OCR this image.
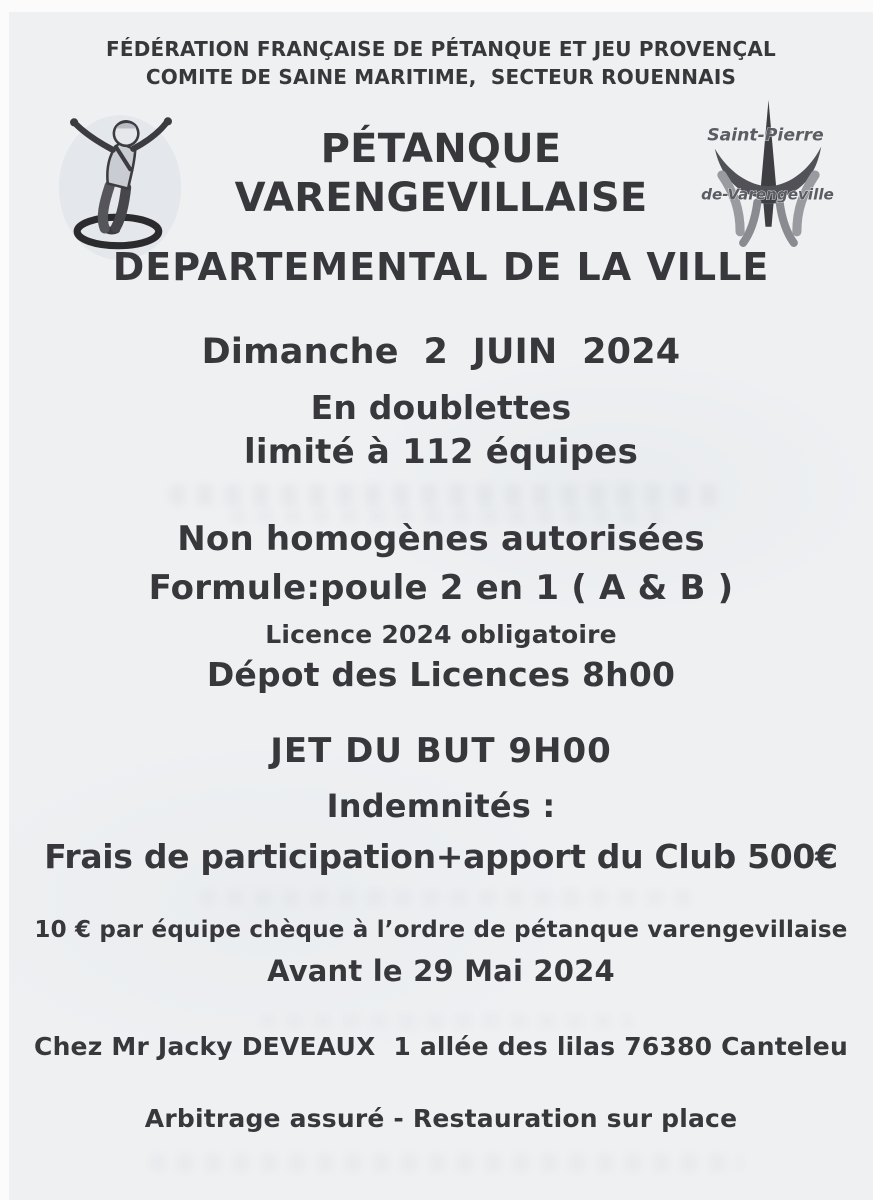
FÉDÉRATION FRANÇAISE DE PÉTANQUE ET JEU PROVENÇAL
COMITE DE SAINE MARITIME,  SECTEUR ROUENNAIS
Saint-Pierre
de-Varengeville
PÉTANQUE
VARENGEVILLAISE
DEPARTEMENTAL DE LA VILLE
Dimanche  2  JUIN  2024
En doublettes
limité à 112 équipes
Non homogènes autorisées
Formule:poule 2 en 1 ( A & B )
Licence 2024 obligatoire
Dépot des Licences 8h00
JET DU BUT 9H00
Indemnités :
Frais de participation+apport du Club 500€
10 € par équipe chèque à l’ordre de pétanque varengevillaise
Avant le 29 Mai 2024
Chez Mr Jacky DEVEAUX  1 allée des lilas 76380 Canteleu
Arbitrage assuré - Restauration sur place
